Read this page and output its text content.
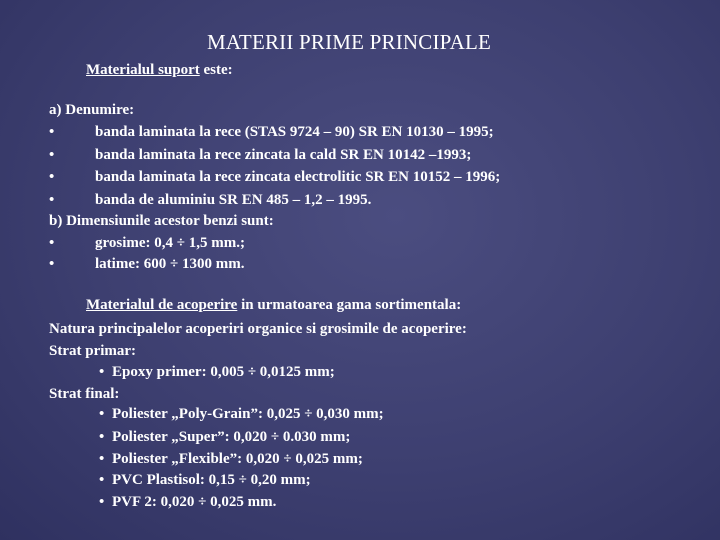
MATERII PRIME PRINCIPALE
Materialul suport este:
a) Denumire:
•	banda laminata la rece (STAS 9724 – 90) SR EN 10130 – 1995;
•	banda laminata la rece zincata la cald SR EN 10142 –1993;
•	banda laminata la rece zincata electrolitic SR EN 10152 – 1996;
•	banda de aluminiu SR EN 485 – 1,2 – 1995.
b) Dimensiunile acestor benzi sunt:
•	grosime: 0,4 ÷ 1,5 mm.;
•	latime: 600 ÷ 1300 mm.
Materialul de acoperire in urmatoarea gama sortimentala:
Natura principalelor acoperiri organice si grosimile de acoperire:
Strat primar:
• Epoxy primer: 0,005 ÷ 0,0125 mm;
Strat final:
• Poliester „Poly-Grain”: 0,025 ÷ 0,030 mm;
• Poliester „Super”: 0,020 ÷ 0.030 mm;
• Poliester „Flexible”: 0,020 ÷ 0,025 mm;
• PVC Plastisol: 0,15 ÷ 0,20 mm;
• PVF 2: 0,020 ÷ 0,025 mm.
